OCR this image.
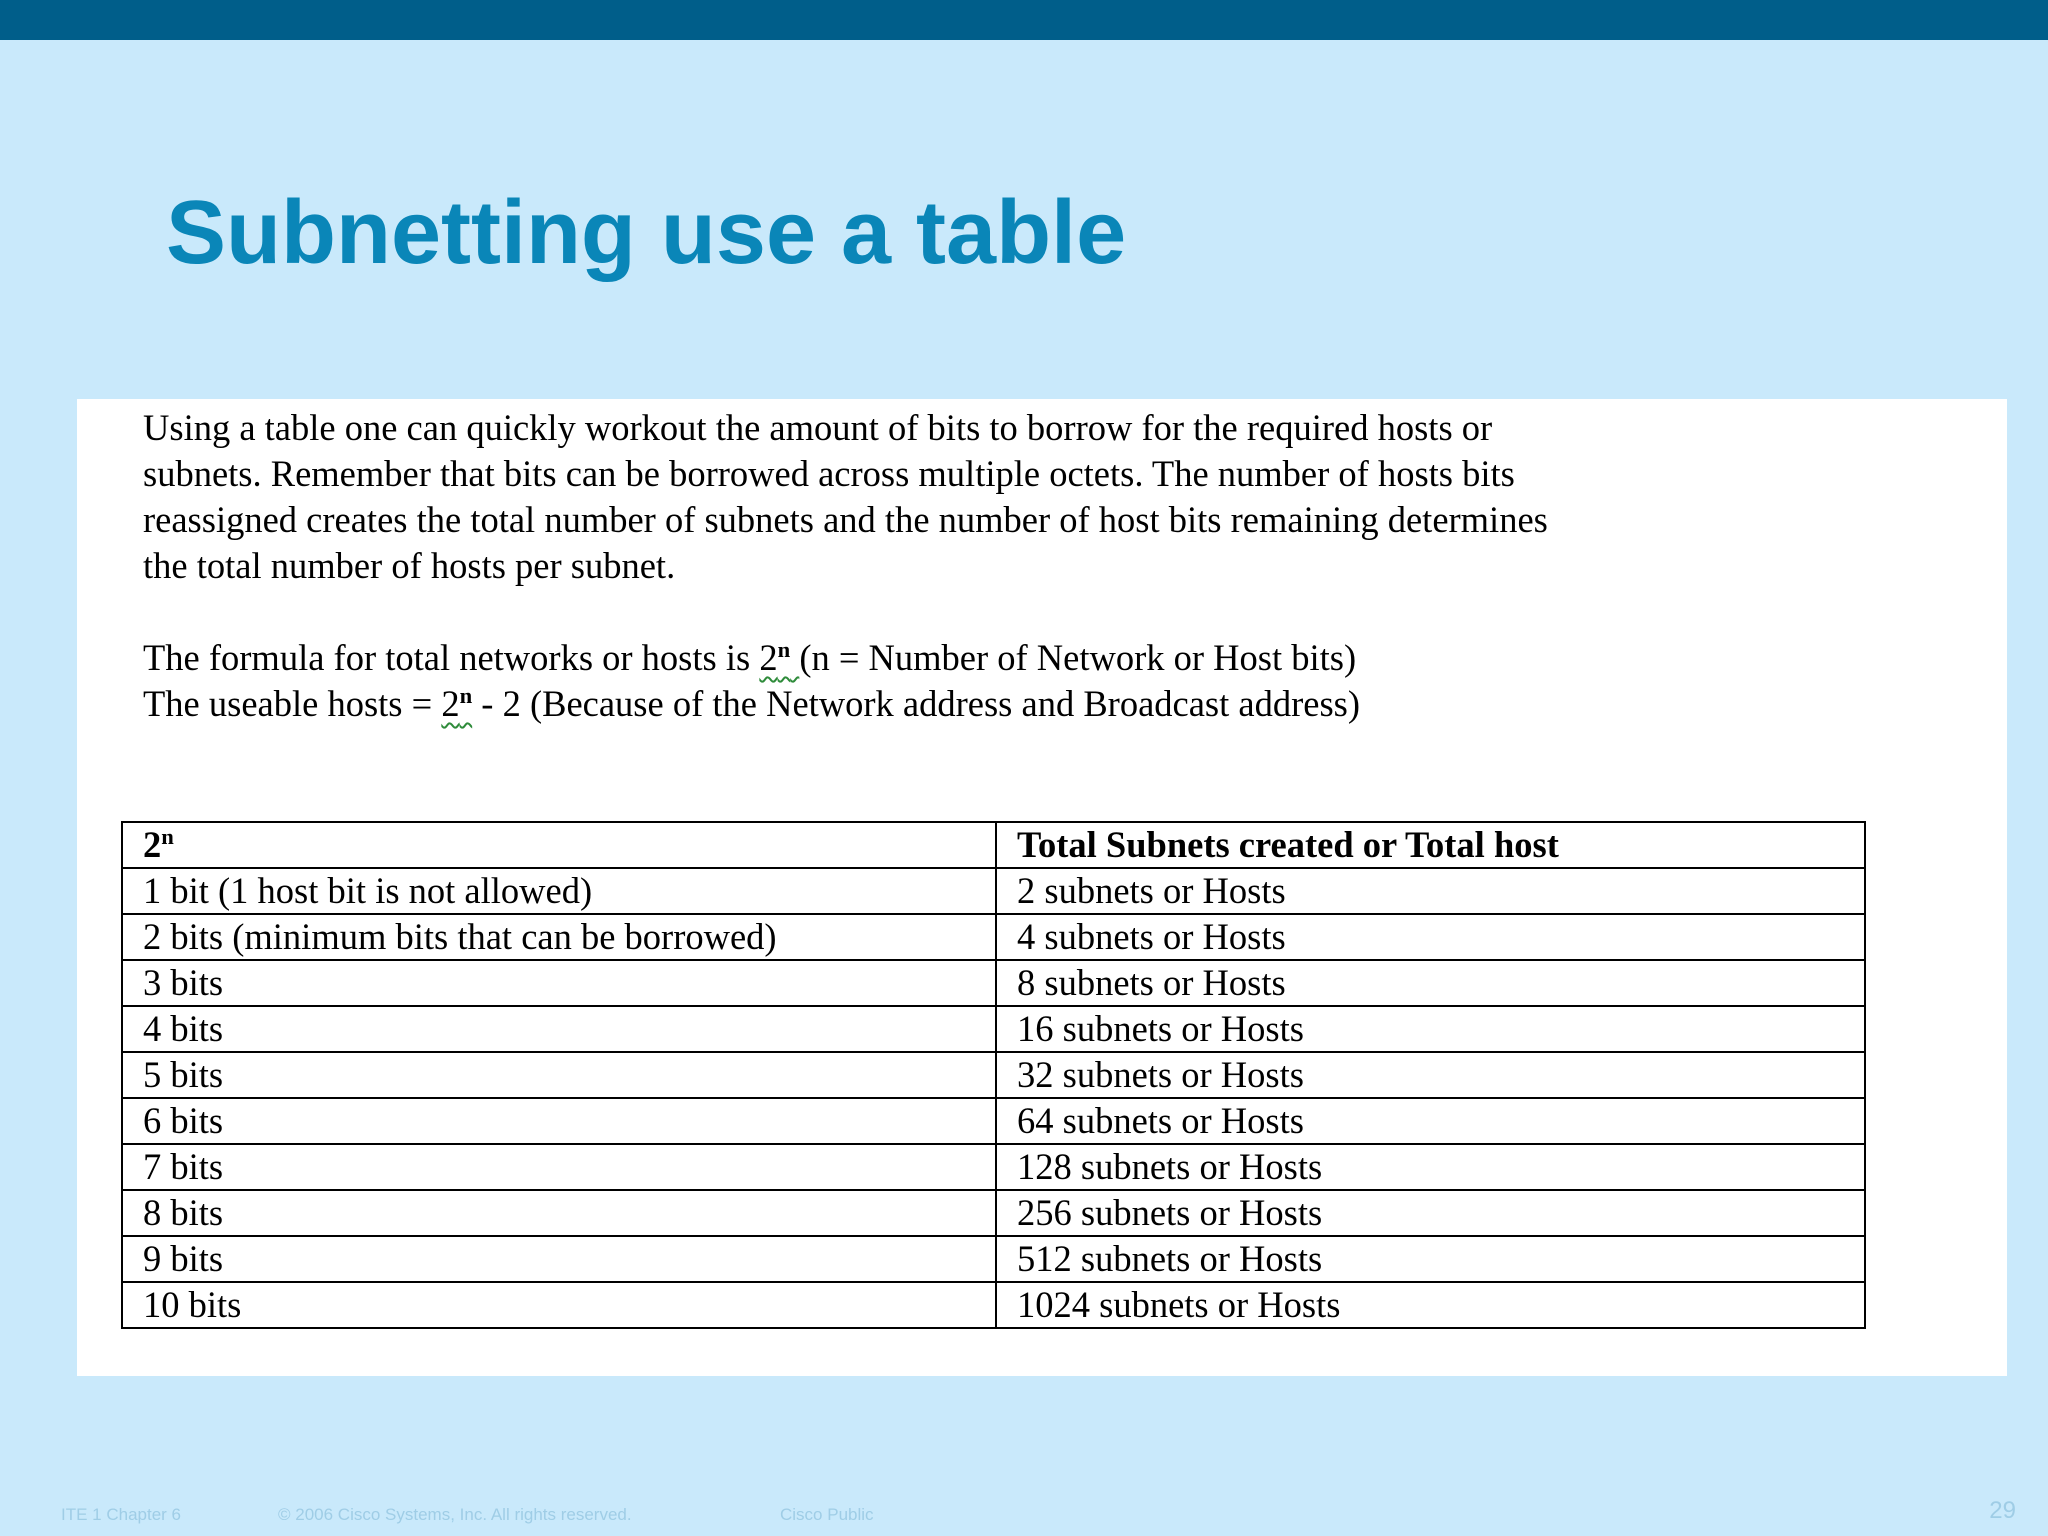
Subnetting use a table
Using a table one can quickly workout the amount of bits to borrow for the required hosts or
subnets. Remember that bits can be borrowed across multiple octets. The number of hosts bits
reassigned creates the total number of subnets and the number of host bits remaining determines
the total number of hosts per subnet.
The formula for total networks or hosts is 2$^n$ (n = Number of Network or Host bits)
The useable hosts = $2^n - 2$ (Because of the Network address and Broadcast address)
2$^n$	Total Subnets created or Total host
1 bit (1 host bit is not allowed)	2 subnets or Hosts
2 bits (minimum bits that can be borrowed)	4 subnets or Hosts
3 bits	8 subnets or Hosts
4 bits	16 subnets or Hosts
5 bits	32 subnets or Hosts
6 bits	64 subnets or Hosts
7 bits	128 subnets or Hosts
8 bits	256 subnets or Hosts
9 bits	512 subnets or Hosts
10 bits	1024 subnets or Hosts
ITE 1 Chapter 6	© 2006 Cisco Systems, Inc. All rights reserved.	Cisco Public	29
